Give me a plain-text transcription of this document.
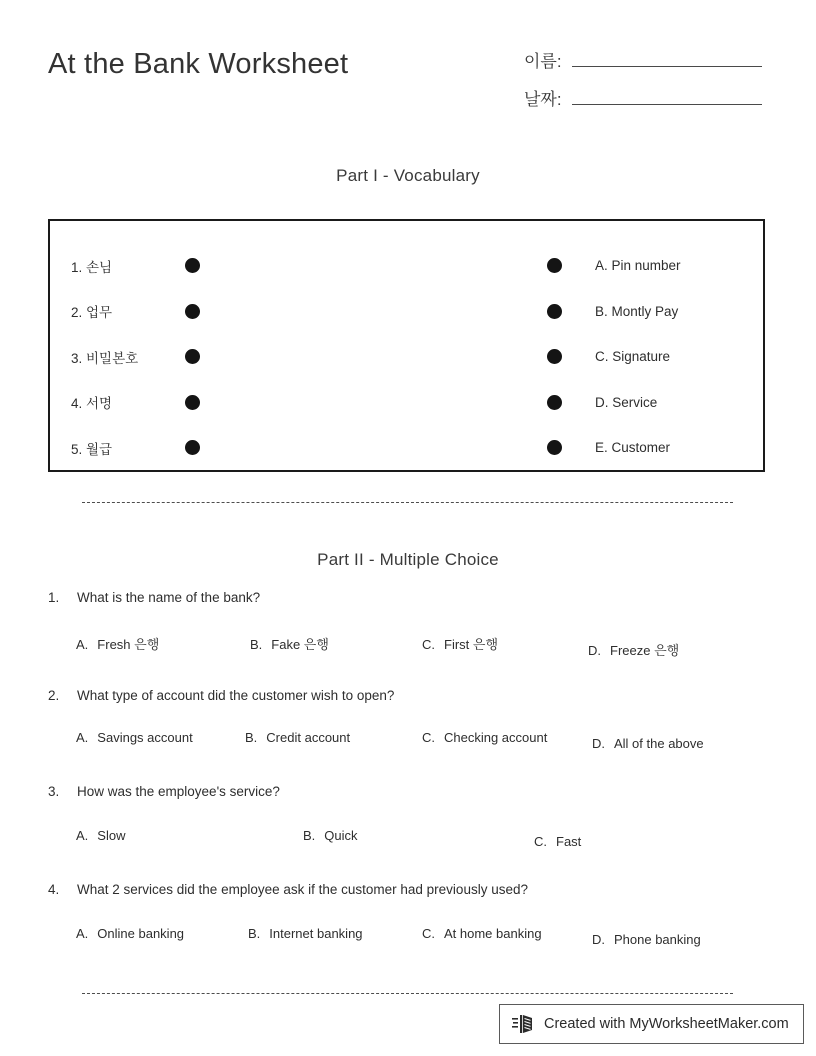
At the Bank Worksheet	이름:
날짜:
Part I - Vocabulary
1. 손님	A. Pin number
2. 업무	B. Montly Pay
3. 비밀본호	C. Signature
4. 서명	D. Service
5. 월급	E. Customer
Part II - Multiple Choice
1. What is the name of the bank?
A. Fresh 은행	B. Fake 은행	C. First 은행	D. Freeze 은행
2. What type of account did the customer wish to open?
A. Savings account	B. Credit account	C. Checking account	D. All of the above
3. How was the employee's service?
A. Slow	B. Quick	C. Fast
4. What 2 services did the employee ask if the customer had previously used?
A. Online banking	B. Internet banking	C. At home banking	D. Phone banking
Created with MyWorksheetMaker.com
